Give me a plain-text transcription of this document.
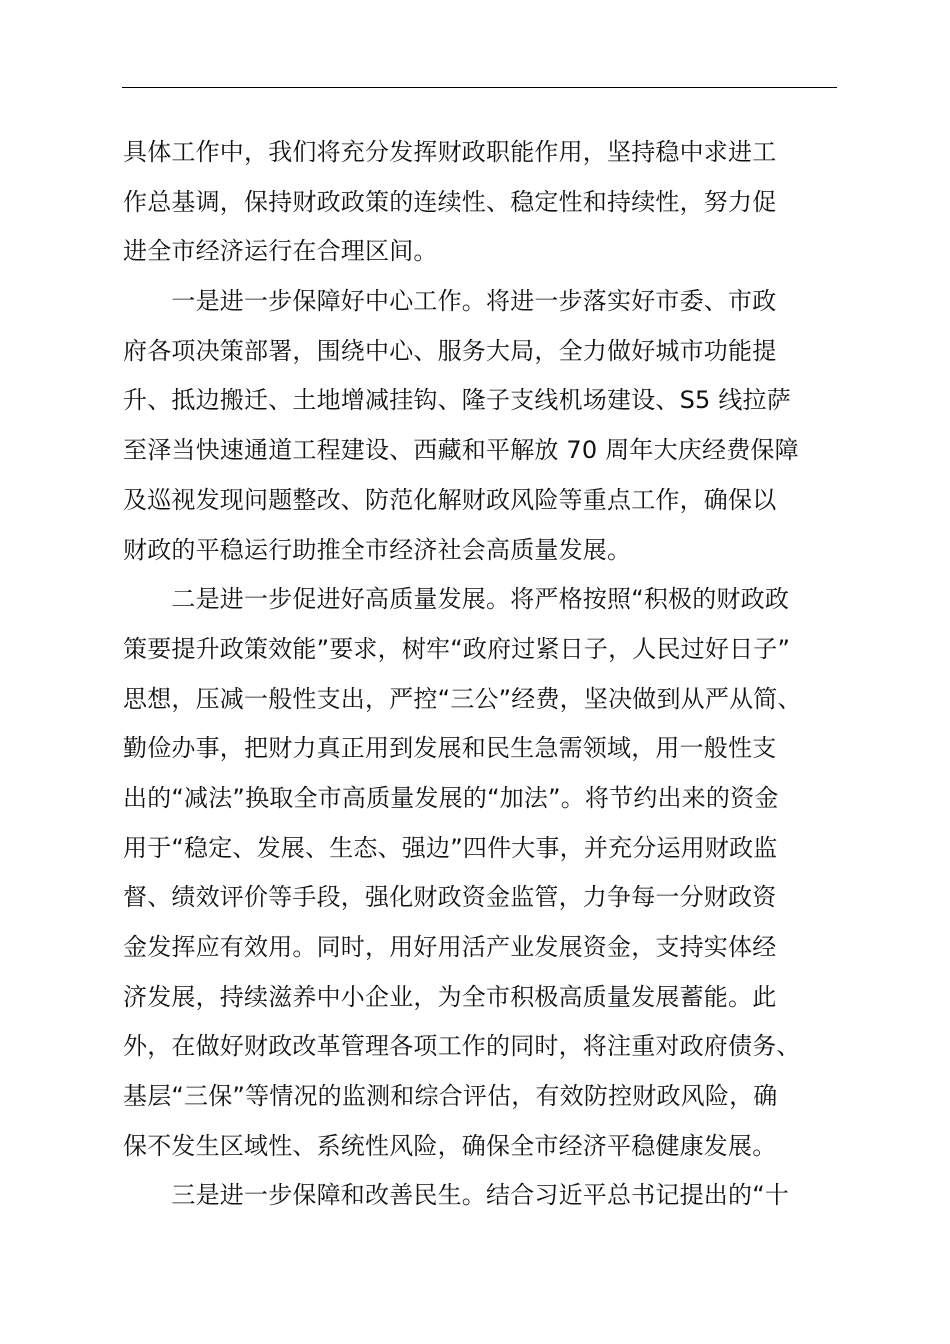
具体工作中，我们将充分发挥财政职能作用，坚持稳中求进工
作总基调，保持财政政策的连续性、稳定性和持续性，努力促
进全市经济运行在合理区间。
　　一是进一步保障好中心工作。将进一步落实好市委、市政
府各项决策部署，围绕中心、服务大局，全力做好城市功能提
升、抵边搬迁、土地增减挂钩、隆子支线机场建设、S5 线拉萨
至泽当快速通道工程建设、西藏和平解放 70 周年大庆经费保障
及巡视发现问题整改、防范化解财政风险等重点工作，确保以
财政的平稳运行助推全市经济社会高质量发展。
　　二是进一步促进好高质量发展。将严格按照“积极的财政政
策要提升政策效能”要求，树牢“政府过紧日子，人民过好日子”
思想，压减一般性支出，严控“三公”经费，坚决做到从严从简、
勤俭办事，把财力真正用到发展和民生急需领域，用一般性支
出的“减法”换取全市高质量发展的“加法”。将节约出来的资金
用于“稳定、发展、生态、强边”四件大事，并充分运用财政监
督、绩效评价等手段，强化财政资金监管，力争每一分财政资
金发挥应有效用。同时，用好用活产业发展资金，支持实体经
济发展，持续滋养中小企业，为全市积极高质量发展蓄能。此
外，在做好财政改革管理各项工作的同时，将注重对政府债务、
基层“三保”等情况的监测和综合评估，有效防控财政风险，确
保不发生区域性、系统性风险，确保全市经济平稳健康发展。
　　三是进一步保障和改善民生。结合习近平总书记提出的“十
